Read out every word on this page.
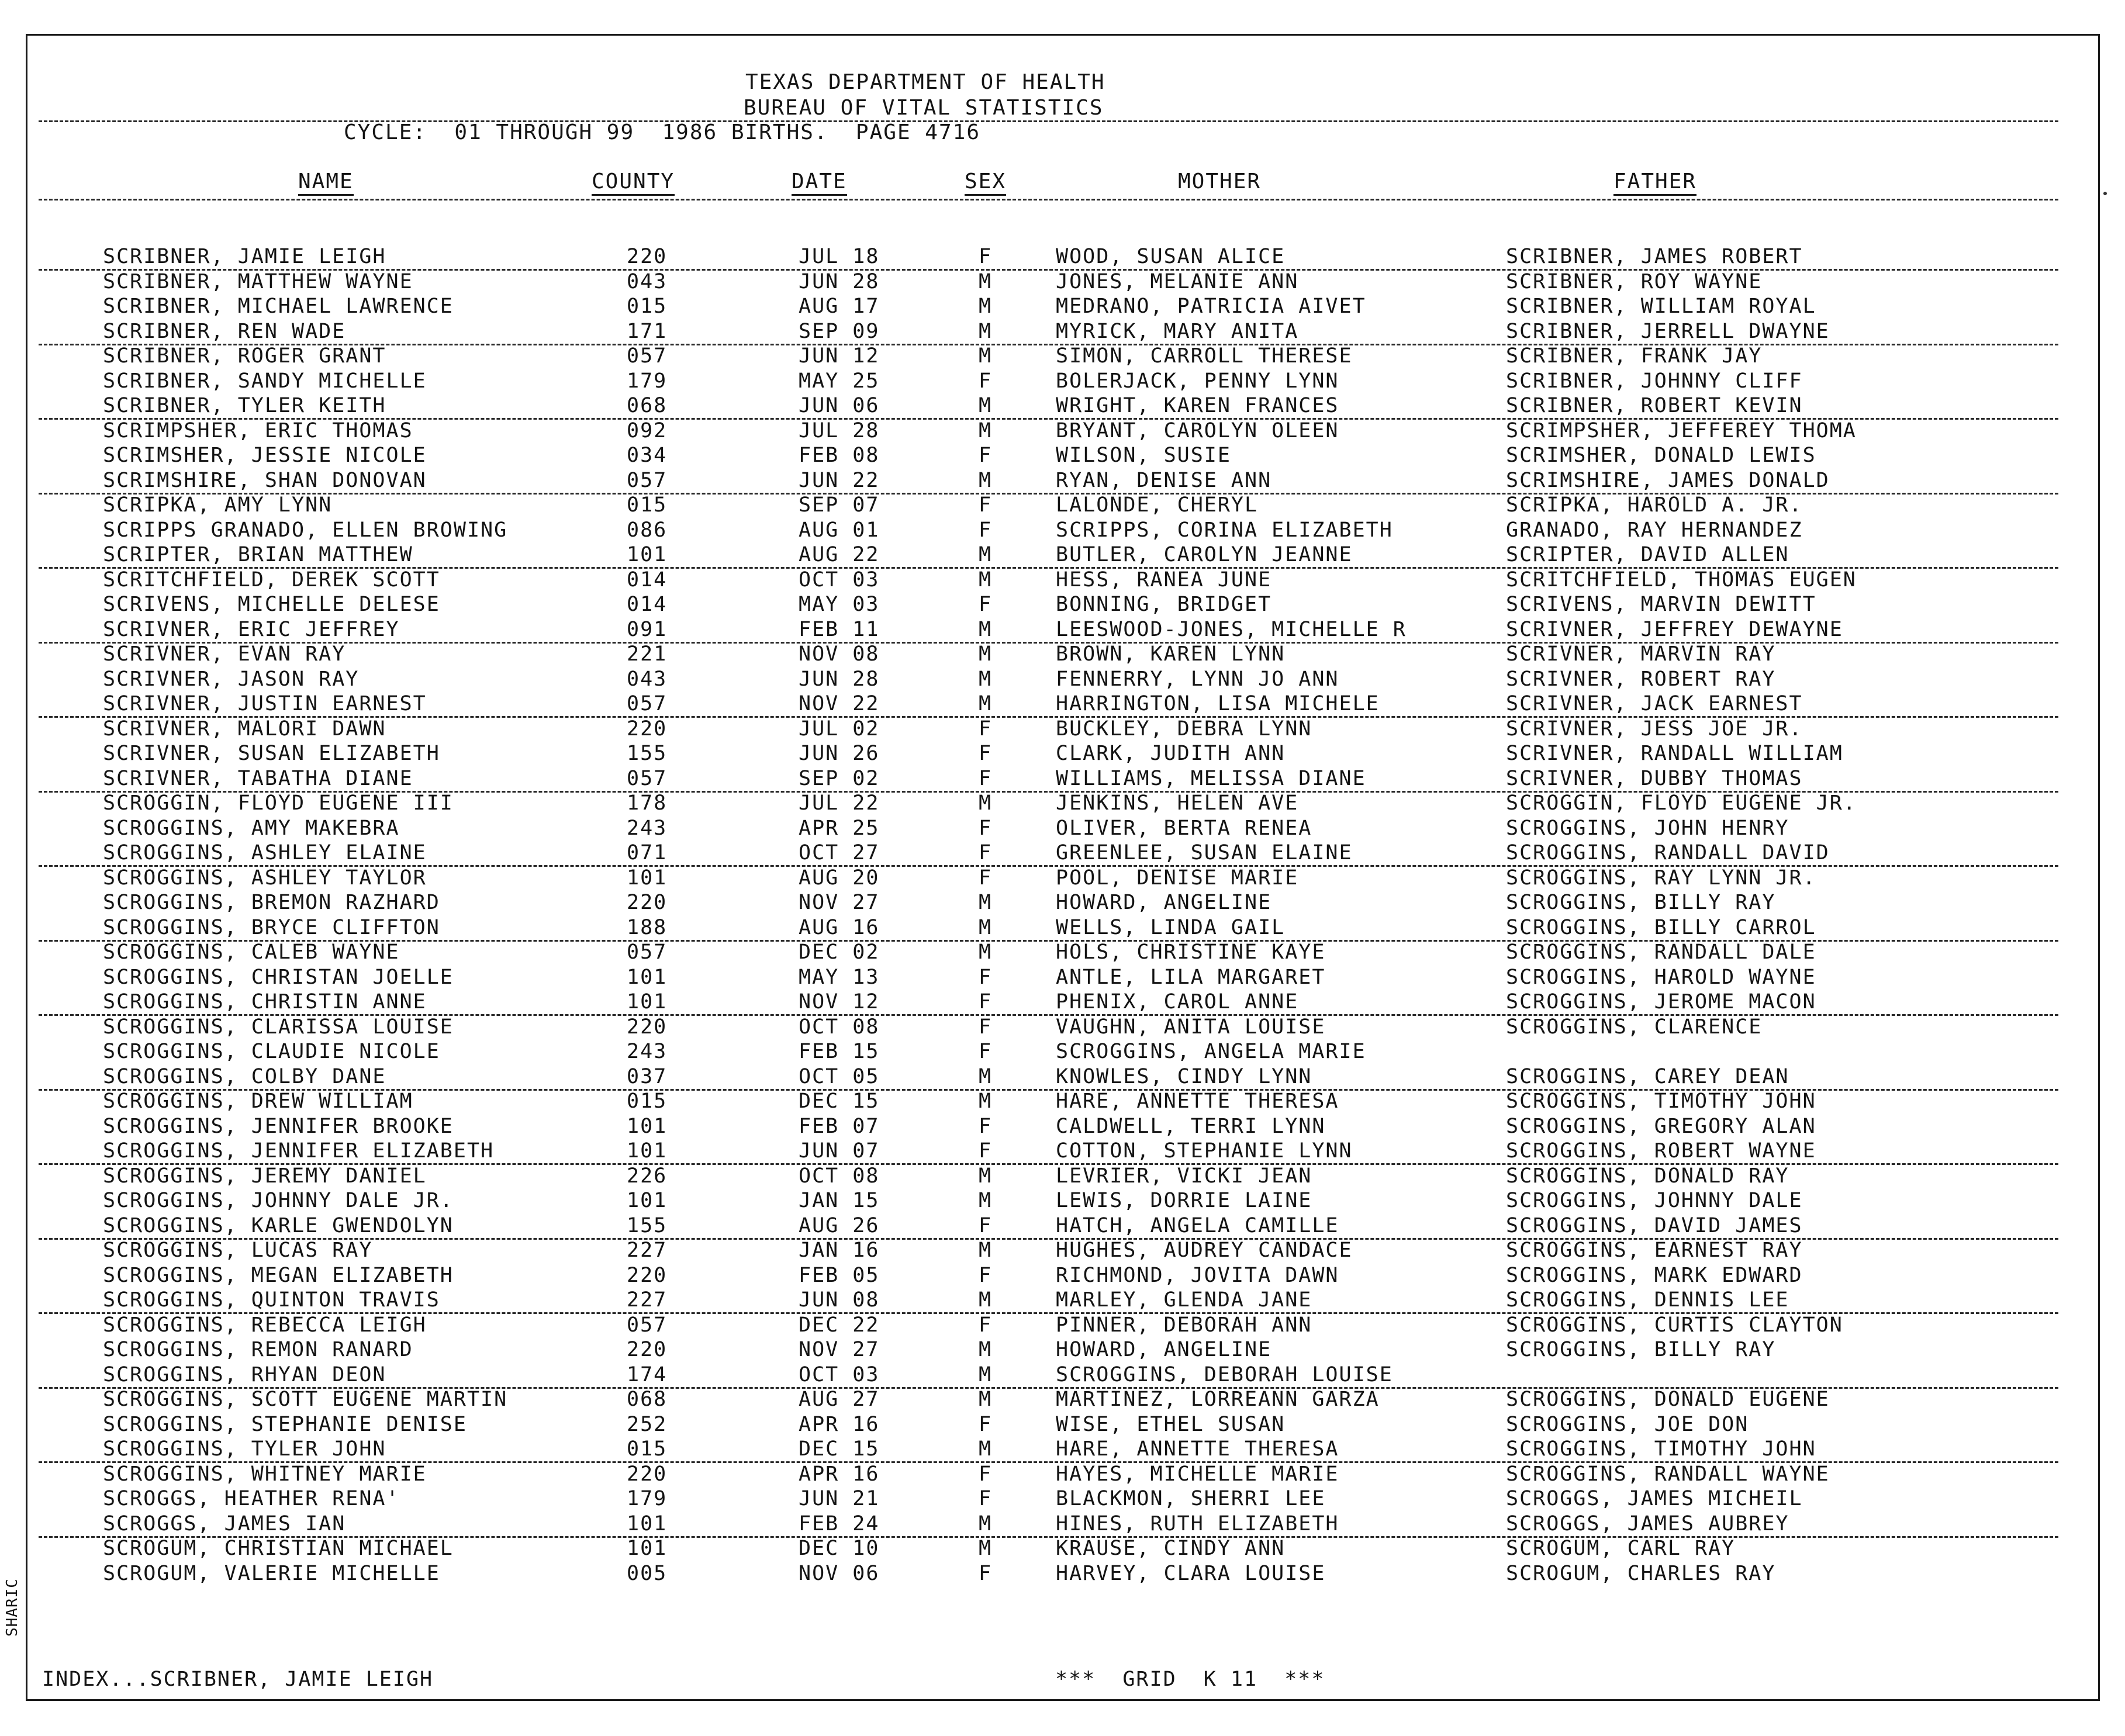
TEXAS DEPARTMENT OF HEALTH
BUREAU OF VITAL STATISTICS
CYCLE:  01 THROUGH 99  1986 BIRTHS.  PAGE 4716
NAME	COUNTY	DATE	SEX	MOTHER	FATHER
SCRIBNER, JAMIE LEIGH	220	JUL 18	F	WOOD, SUSAN ALICE	SCRIBNER, JAMES ROBERT
SCRIBNER, MATTHEW WAYNE	043	JUN 28	M	JONES, MELANIE ANN	SCRIBNER, ROY WAYNE
SCRIBNER, MICHAEL LAWRENCE	015	AUG 17	M	MEDRANO, PATRICIA AIVET	SCRIBNER, WILLIAM ROYAL
SCRIBNER, REN WADE	171	SEP 09	M	MYRICK, MARY ANITA	SCRIBNER, JERRELL DWAYNE
SCRIBNER, ROGER GRANT	057	JUN 12	M	SIMON, CARROLL THERESE	SCRIBNER, FRANK JAY
SCRIBNER, SANDY MICHELLE	179	MAY 25	F	BOLERJACK, PENNY LYNN	SCRIBNER, JOHNNY CLIFF
SCRIBNER, TYLER KEITH	068	JUN 06	M	WRIGHT, KAREN FRANCES	SCRIBNER, ROBERT KEVIN
SCRIMPSHER, ERIC THOMAS	092	JUL 28	M	BRYANT, CAROLYN OLEEN	SCRIMPSHER, JEFFEREY THOMA
SCRIMSHER, JESSIE NICOLE	034	FEB 08	F	WILSON, SUSIE	SCRIMSHER, DONALD LEWIS
SCRIMSHIRE, SHAN DONOVAN	057	JUN 22	M	RYAN, DENISE ANN	SCRIMSHIRE, JAMES DONALD
SCRIPKA, AMY LYNN	015	SEP 07	F	LALONDE, CHERYL	SCRIPKA, HAROLD A. JR.
SCRIPPS GRANADO, ELLEN BROWING	086	AUG 01	F	SCRIPPS, CORINA ELIZABETH	GRANADO, RAY HERNANDEZ
SCRIPTER, BRIAN MATTHEW	101	AUG 22	M	BUTLER, CAROLYN JEANNE	SCRIPTER, DAVID ALLEN
SCRITCHFIELD, DEREK SCOTT	014	OCT 03	M	HESS, RANEA JUNE	SCRITCHFIELD, THOMAS EUGEN
SCRIVENS, MICHELLE DELESE	014	MAY 03	F	BONNING, BRIDGET	SCRIVENS, MARVIN DEWITT
SCRIVNER, ERIC JEFFREY	091	FEB 11	M	LEESWOOD-JONES, MICHELLE R	SCRIVNER, JEFFREY DEWAYNE
SCRIVNER, EVAN RAY	221	NOV 08	M	BROWN, KAREN LYNN	SCRIVNER, MARVIN RAY
SCRIVNER, JASON RAY	043	JUN 28	M	FENNERRY, LYNN JO ANN	SCRIVNER, ROBERT RAY
SCRIVNER, JUSTIN EARNEST	057	NOV 22	M	HARRINGTON, LISA MICHELE	SCRIVNER, JACK EARNEST
SCRIVNER, MALORI DAWN	220	JUL 02	F	BUCKLEY, DEBRA LYNN	SCRIVNER, JESS JOE JR.
SCRIVNER, SUSAN ELIZABETH	155	JUN 26	F	CLARK, JUDITH ANN	SCRIVNER, RANDALL WILLIAM
SCRIVNER, TABATHA DIANE	057	SEP 02	F	WILLIAMS, MELISSA DIANE	SCRIVNER, DUBBY THOMAS
SCROGGIN, FLOYD EUGENE III	178	JUL 22	M	JENKINS, HELEN AVE	SCROGGIN, FLOYD EUGENE JR.
SCROGGINS, AMY MAKEBRA	243	APR 25	F	OLIVER, BERTA RENEA	SCROGGINS, JOHN HENRY
SCROGGINS, ASHLEY ELAINE	071	OCT 27	F	GREENLEE, SUSAN ELAINE	SCROGGINS, RANDALL DAVID
SCROGGINS, ASHLEY TAYLOR	101	AUG 20	F	POOL, DENISE MARIE	SCROGGINS, RAY LYNN JR.
SCROGGINS, BREMON RAZHARD	220	NOV 27	M	HOWARD, ANGELINE	SCROGGINS, BILLY RAY
SCROGGINS, BRYCE CLIFFTON	188	AUG 16	M	WELLS, LINDA GAIL	SCROGGINS, BILLY CARROL
SCROGGINS, CALEB WAYNE	057	DEC 02	M	HOLS, CHRISTINE KAYE	SCROGGINS, RANDALL DALE
SCROGGINS, CHRISTAN JOELLE	101	MAY 13	F	ANTLE, LILA MARGARET	SCROGGINS, HAROLD WAYNE
SCROGGINS, CHRISTIN ANNE	101	NOV 12	F	PHENIX, CAROL ANNE	SCROGGINS, JEROME MACON
SCROGGINS, CLARISSA LOUISE	220	OCT 08	F	VAUGHN, ANITA LOUISE	SCROGGINS, CLARENCE
SCROGGINS, CLAUDIE NICOLE	243	FEB 15	F	SCROGGINS, ANGELA MARIE
SCROGGINS, COLBY DANE	037	OCT 05	M	KNOWLES, CINDY LYNN	SCROGGINS, CAREY DEAN
SCROGGINS, DREW WILLIAM	015	DEC 15	M	HARE, ANNETTE THERESA	SCROGGINS, TIMOTHY JOHN
SCROGGINS, JENNIFER BROOKE	101	FEB 07	F	CALDWELL, TERRI LYNN	SCROGGINS, GREGORY ALAN
SCROGGINS, JENNIFER ELIZABETH	101	JUN 07	F	COTTON, STEPHANIE LYNN	SCROGGINS, ROBERT WAYNE
SCROGGINS, JEREMY DANIEL	226	OCT 08	M	LEVRIER, VICKI JEAN	SCROGGINS, DONALD RAY
SCROGGINS, JOHNNY DALE JR.	101	JAN 15	M	LEWIS, DORRIE LAINE	SCROGGINS, JOHNNY DALE
SCROGGINS, KARLE GWENDOLYN	155	AUG 26	F	HATCH, ANGELA CAMILLE	SCROGGINS, DAVID JAMES
SCROGGINS, LUCAS RAY	227	JAN 16	M	HUGHES, AUDREY CANDACE	SCROGGINS, EARNEST RAY
SCROGGINS, MEGAN ELIZABETH	220	FEB 05	F	RICHMOND, JOVITA DAWN	SCROGGINS, MARK EDWARD
SCROGGINS, QUINTON TRAVIS	227	JUN 08	M	MARLEY, GLENDA JANE	SCROGGINS, DENNIS LEE
SCROGGINS, REBECCA LEIGH	057	DEC 22	F	PINNER, DEBORAH ANN	SCROGGINS, CURTIS CLAYTON
SCROGGINS, REMON RANARD	220	NOV 27	M	HOWARD, ANGELINE	SCROGGINS, BILLY RAY
SCROGGINS, RHYAN DEON	174	OCT 03	M	SCROGGINS, DEBORAH LOUISE
SCROGGINS, SCOTT EUGENE MARTIN	068	AUG 27	M	MARTINEZ, LORREANN GARZA	SCROGGINS, DONALD EUGENE
SCROGGINS, STEPHANIE DENISE	252	APR 16	F	WISE, ETHEL SUSAN	SCROGGINS, JOE DON
SCROGGINS, TYLER JOHN	015	DEC 15	M	HARE, ANNETTE THERESA	SCROGGINS, TIMOTHY JOHN
SCROGGINS, WHITNEY MARIE	220	APR 16	F	HAYES, MICHELLE MARIE	SCROGGINS, RANDALL WAYNE
SCROGGS, HEATHER RENA'	179	JUN 21	F	BLACKMON, SHERRI LEE	SCROGGS, JAMES MICHEIL
SCROGGS, JAMES IAN	101	FEB 24	M	HINES, RUTH ELIZABETH	SCROGGS, JAMES AUBREY
SCROGUM, CHRISTIAN MICHAEL	101	DEC 10	M	KRAUSE, CINDY ANN	SCROGUM, CARL RAY
SCROGUM, VALERIE MICHELLE	005	NOV 06	F	HARVEY, CLARA LOUISE	SCROGUM, CHARLES RAY
INDEX...SCRIBNER, JAMIE LEIGH	***  GRID  K 11  ***
SHARIC
